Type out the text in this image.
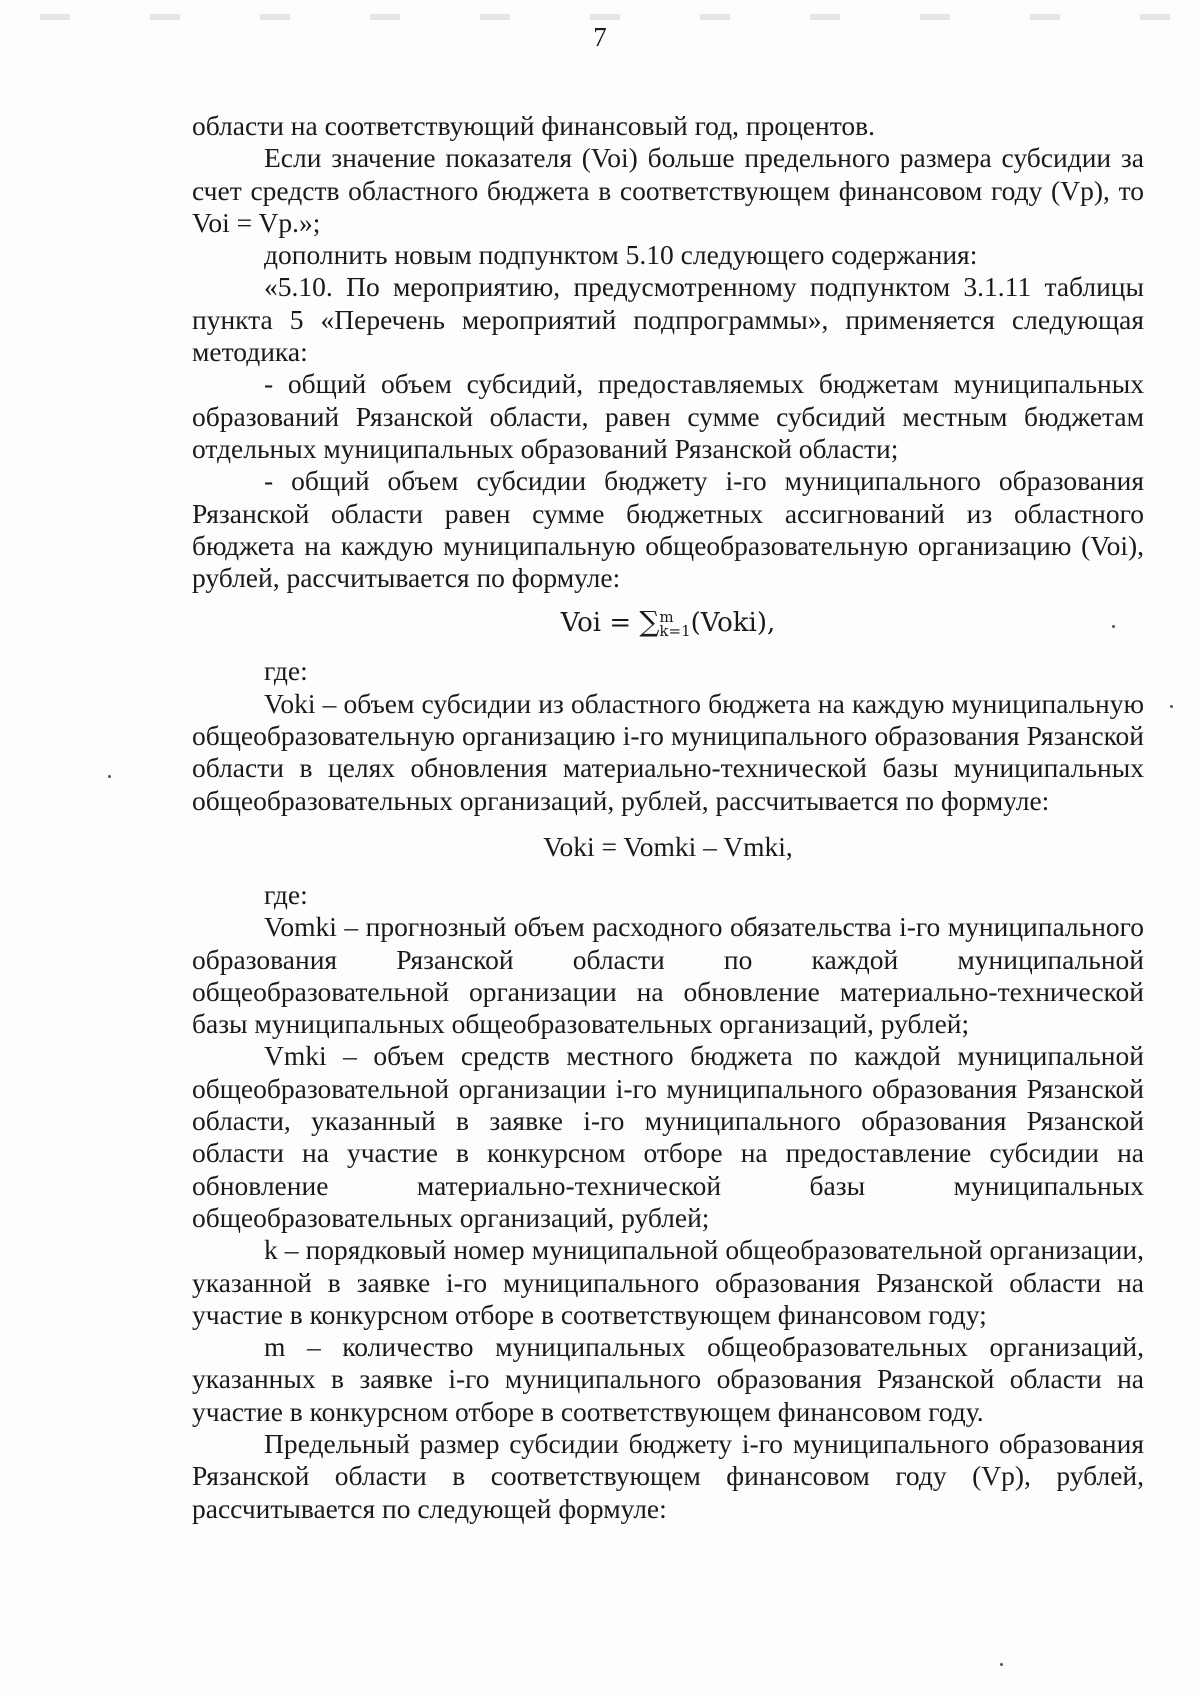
7

области на соответствующий финансовый год, процентов.

Если значение показателя (Voi) больше предельного размера субсидии за счет средств областного бюджета в соответствующем финансовом году (Vp), то Voi = Vp.»;

дополнить новым подпунктом 5.10 следующего содержания:

«5.10. По мероприятию, предусмотренному подпунктом 3.1.11 таблицы пункта 5 «Перечень мероприятий подпрограммы», применяется следующая методика:

- общий объем субсидий, предоставляемых бюджетам муниципальных образований Рязанской области, равен сумме субсидий местным бюджетам отдельных муниципальных образований Рязанской области;

- общий объем субсидии бюджету i-го муниципального образования Рязанской области равен сумме бюджетных ассигнований из областного бюджета на каждую муниципальную общеобразовательную организацию (Voi), рублей, рассчитывается по формуле:

Voi = ∑ m
k=1 (Voki),

где:

Voki – объем субсидии из областного бюджета на каждую муниципальную общеобразовательную организацию i-го муниципального образования Рязанской области в целях обновления материально-технической базы муниципальных общеобразовательных организаций, рублей, рассчитывается по формуле:

Voki = Vomki – Vmki,

где:

Vomki – прогнозный объем расходного обязательства i-го муниципального образования Рязанской области по каждой муниципальной общеобразовательной организации на обновление материально-технической базы муниципальных общеобразовательных организаций, рублей;

Vmki – объем средств местного бюджета по каждой муниципальной общеобразовательной организации i-го муниципального образования Рязанской области, указанный в заявке i-го муниципального образования Рязанской области на участие в конкурсном отборе на предоставление субсидии на обновление материально-технической базы муниципальных общеобразовательных организаций, рублей;

k – порядковый номер муниципальной общеобразовательной организации, указанной в заявке i-го муниципального образования Рязанской области на участие в конкурсном отборе в соответствующем финансовом году;

m – количество муниципальных общеобразовательных организаций, указанных в заявке i-го муниципального образования Рязанской области на участие в конкурсном отборе в соответствующем финансовом году.

Предельный размер субсидии бюджету i-го муниципального образования Рязанской области в соответствующем финансовом году (Vp), рублей, рассчитывается по следующей формуле:
